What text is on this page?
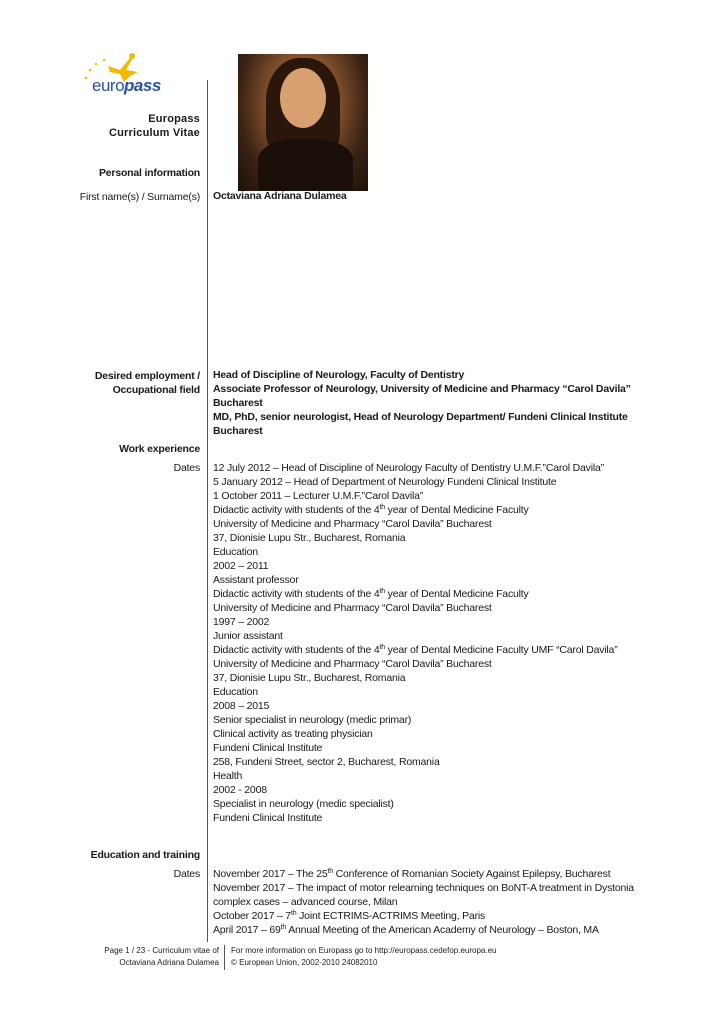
europass
Europass
Curriculum Vitae
Personal information
First name(s) / Surname(s) Octaviana Adriana Dulamea
Desired employment /
Occupational field
Head of Discipline of Neurology, Faculty of Dentistry
Associate Professor of Neurology, University of Medicine and Pharmacy “Carol Davila”
Bucharest
MD, PhD, senior neurologist, Head of Neurology Department/ Fundeni Clinical Institute
Bucharest
Work experience
Dates 12 July 2012 – Head of Discipline of Neurology Faculty of Dentistry U.M.F.”Carol Davila”
5 January 2012 – Head of Department of Neurology Fundeni Clinical Institute
1 October 2011 – Lecturer U.M.F.”Carol Davila”
Didactic activity with students of the 4th year of Dental Medicine Faculty
University of Medicine and Pharmacy “Carol Davila” Bucharest
37, Dionisie Lupu Str., Bucharest, Romania
Education
2002 – 2011
Assistant professor
Didactic activity with students of the 4th year of Dental Medicine Faculty
University of Medicine and Pharmacy “Carol Davila” Bucharest
1997 – 2002
Junior assistant
Didactic activity with students of the 4th year of Dental Medicine Faculty UMF “Carol Davila”
University of Medicine and Pharmacy “Carol Davila” Bucharest
37, Dionisie Lupu Str., Bucharest, Romania
Education
2008 – 2015
Senior specialist in neurology (medic primar)
Clinical activity as treating physician
Fundeni Clinical Institute
258, Fundeni Street, sector 2, Bucharest, Romania
Health
2002 - 2008
Specialist in neurology (medic specialist)
Fundeni Clinical Institute
Education and training
Dates November 2017 – The 25th Conference of Romanian Society Against Epilepsy, Bucharest
November 2017 – The impact of motor relearning techniques on BoNT-A treatment in Dystonia
complex cases – advanced course, Milan
October 2017 – 7th Joint ECTRIMS-ACTRIMS Meeting, Paris
April 2017 – 69th Annual Meeting of the American Academy of Neurology – Boston, MA
Page 1 / 23 - Curriculum vitae of
Octaviana Adriana Dulamea
For more information on Europass go to http://europass.cedefop.europa.eu
© European Union, 2002-2010 24082010
